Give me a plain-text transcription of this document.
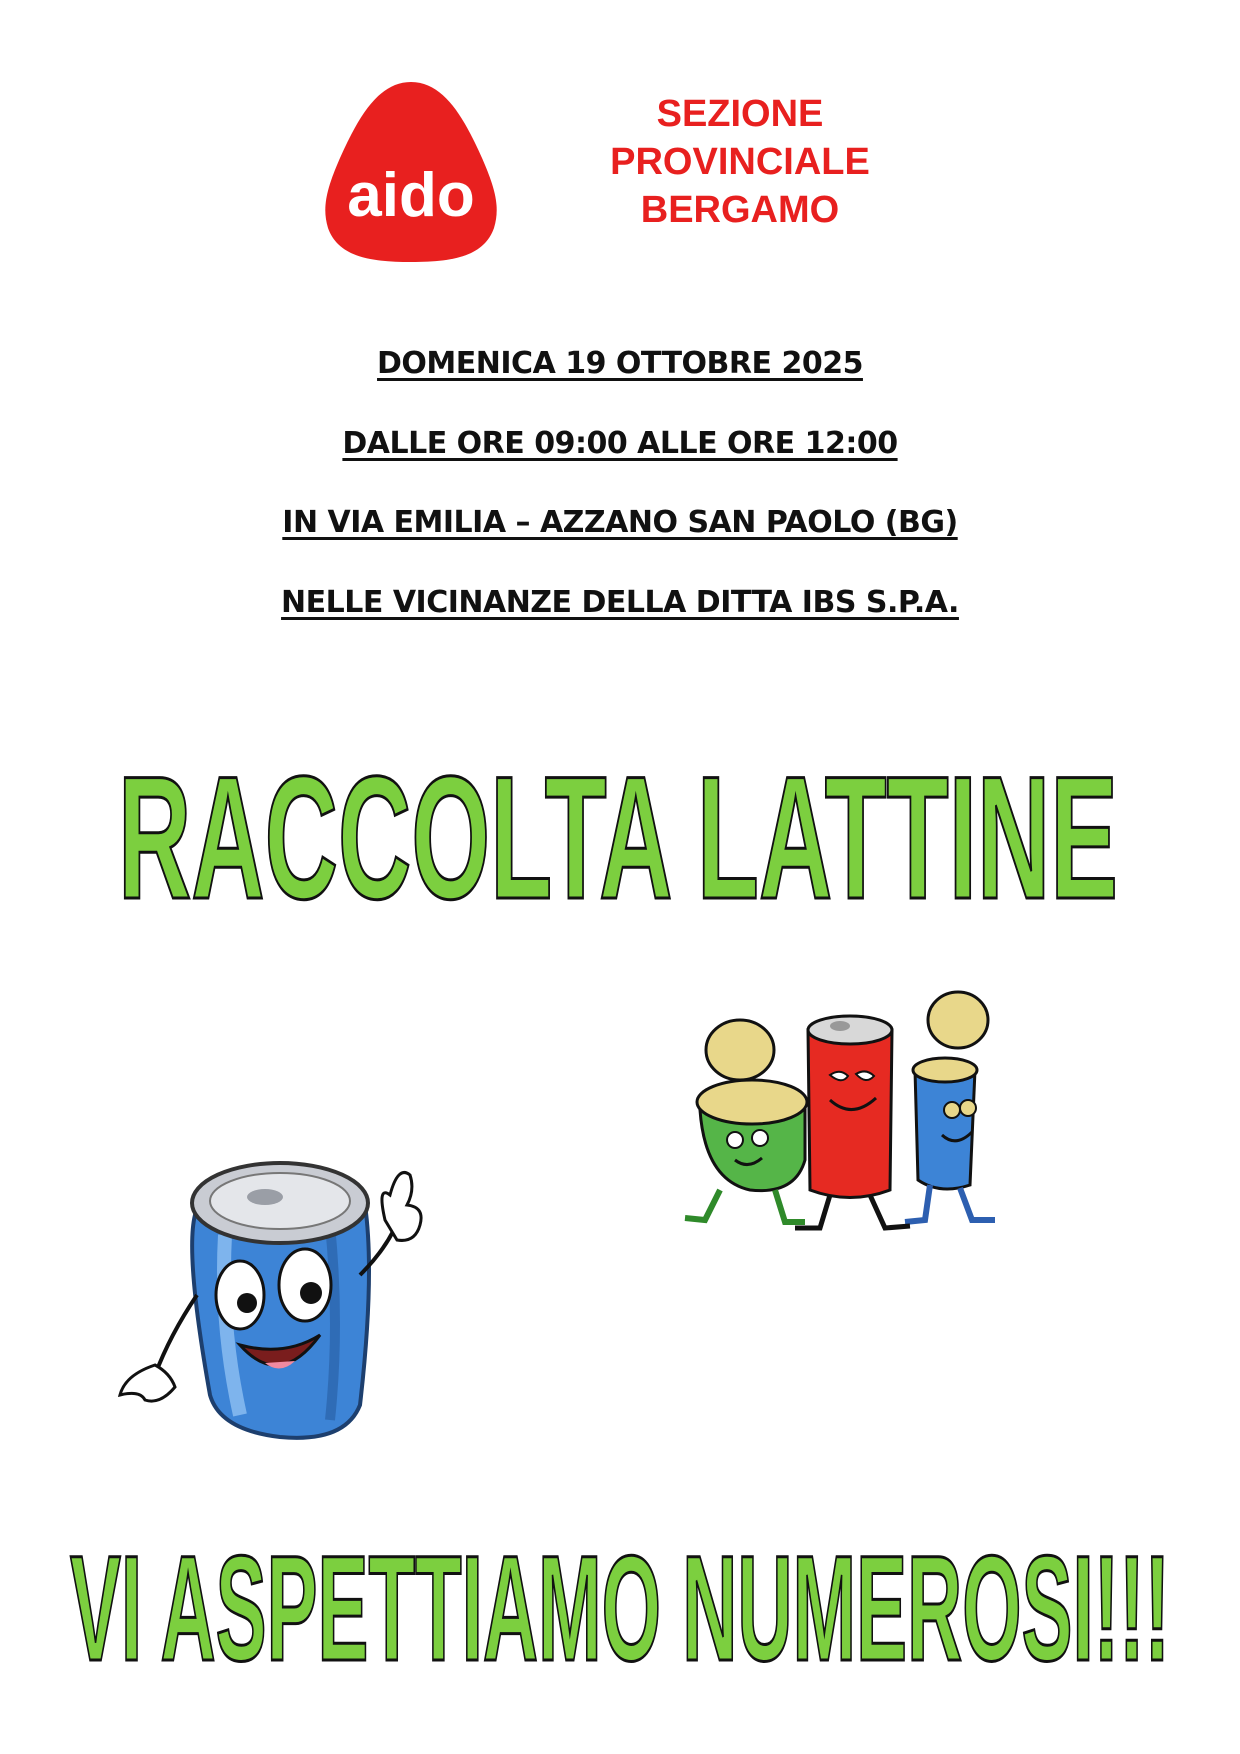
aido
SEZIONE
PROVINCIALE
BERGAMO
DOMENICA 19 OTTOBRE 2025
DALLE ORE 09:00 ALLE ORE 12:00
IN VIA EMILIA – AZZANO SAN PAOLO (BG)
NELLE VICINANZE DELLA DITTA IBS S.P.A.
RACCOLTA LATTINE
VI ASPETTIAMO NUMEROSI!!!
